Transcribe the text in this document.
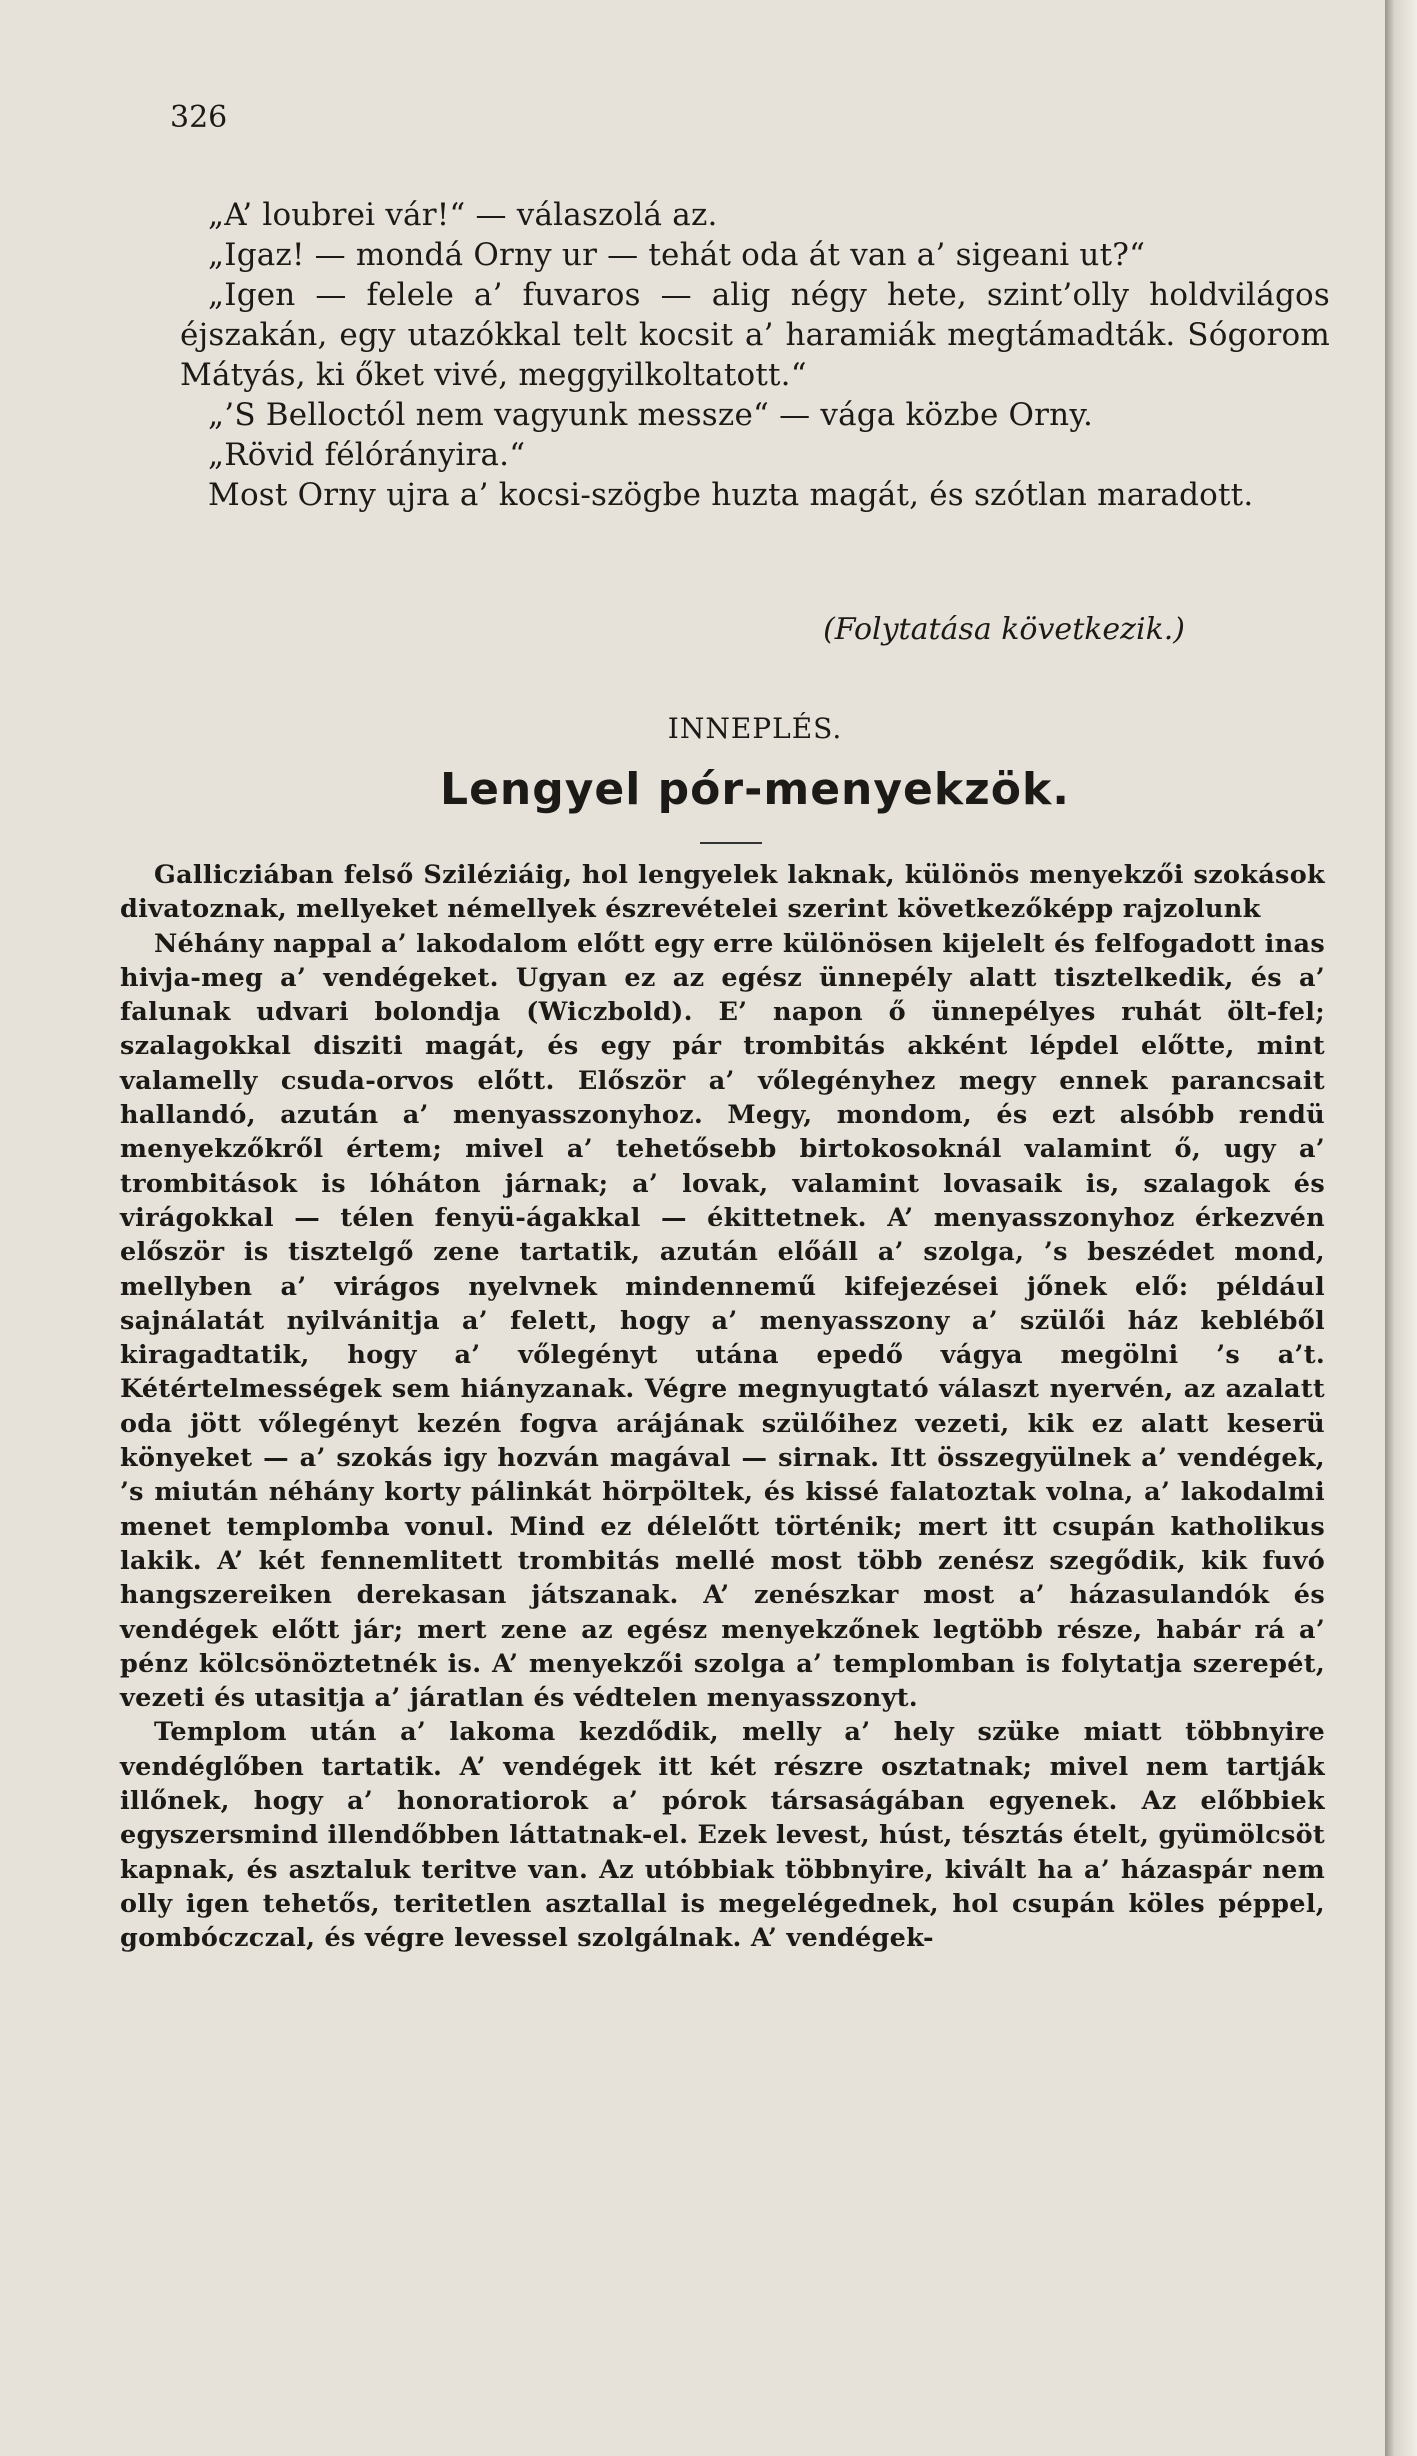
326

„A’ loubrei vár!“ — válaszolá az.

„Igaz! — mondá Orny ur — tehát oda át van a’ sigeani ut?“

„Igen — felele a’ fuvaros — alig négy hete, szint’olly holdvilágos éjszakán, egy utazókkal telt kocsit a’ haramiák megtámadták. Sógorom Mátyás, ki őket vivé, meggyilkoltatott.“

„’S Belloctól nem vagyunk messze“ — vága közbe Orny.

„Rövid félórányira.“

Most Orny ujra a’ kocsi-szögbe huzta magát, és szótlan maradott.

(Folytatása következik.)
INNEPLÉS.
Lengyel pór-menyekzök.

Gallicziában felső Sziléziáig, hol lengyelek laknak, különös menyekzői szokások divatoznak, mellyeket némellyek észrevételei szerint következőképp rajzolunk

Néhány nappal a’ lakodalom előtt egy erre különösen kijelelt és felfogadott inas hivja-meg a’ vendégeket. Ugyan ez az egész ünnepély alatt tisztelkedik, és a’ falunak udvari bolondja (Wiczbold). E’ napon ő ünnepélyes ruhát ölt-fel; szalagokkal disziti magát, és egy pár trombitás akként lépdel előtte, mint valamelly csuda-orvos előtt. Először a’ vőlegényhez megy ennek parancsait hallandó, azután a’ menyasszonyhoz. Megy, mondom, és ezt alsóbb rendü menyekzőkről értem; mivel a’ tehetősebb birtokosoknál valamint ő, ugy a’ trombitások is lóháton járnak; a’ lovak, valamint lovasaik is, szalagok és virágokkal — télen fenyü-ágakkal — ékittetnek. A’ menyasszonyhoz érkezvén először is tisztelgő zene tartatik, azután előáll a’ szolga, ’s beszédet mond, mellyben a’ virágos nyelvnek mindennemű kifejezései jőnek elő: például sajnálatát nyilvánitja a’ felett, hogy a’ menyasszony a’ szülői ház kebléből kiragadtatik, hogy a’ vőlegényt utána epedő vágya megölni ’s a’t. Kétértelmességek sem hiányzanak. Végre megnyugtató választ nyervén, az azalatt oda jött vőlegényt kezén fogva arájának szülőihez vezeti, kik ez alatt keserü könyeket — a’ szokás igy hozván magával — sirnak. Itt összegyülnek a’ vendégek, ’s miután néhány korty pálinkát hörpöltek, és kissé falatoztak volna, a’ lakodalmi menet templomba vonul. Mind ez délelőtt történik; mert itt csupán katholikus lakik. A’ két fennemlitett trombitás mellé most több zenész szegődik, kik fuvó hangszereiken derekasan játszanak. A’ zenészkar most a’ házasulandók és vendégek előtt jár; mert zene az egész menyekzőnek legtöbb része, habár rá a’ pénz kölcsönöztetnék is. A’ menyekzői szolga a’ templomban is folytatja szerepét, vezeti és utasitja a’ járatlan és védtelen menyasszonyt.

Templom után a’ lakoma kezdődik, melly a’ hely szüke miatt többnyire vendéglőben tartatik. A’ vendégek itt két részre osztatnak; mivel nem tartják illőnek, hogy a’ honoratiorok a’ pórok társaságában egyenek. Az előbbiek egyszersmind illendőbben láttatnak-el. Ezek levest, húst, tésztás ételt, gyümölcsöt kapnak, és asztaluk teritve van. Az utóbbiak többnyire, kivált ha a’ házaspár nem olly igen tehetős, teritetlen asztallal is megelégednek, hol csupán köles péppel, gombóczczal, és végre levessel szolgálnak. A’ vendégek-
